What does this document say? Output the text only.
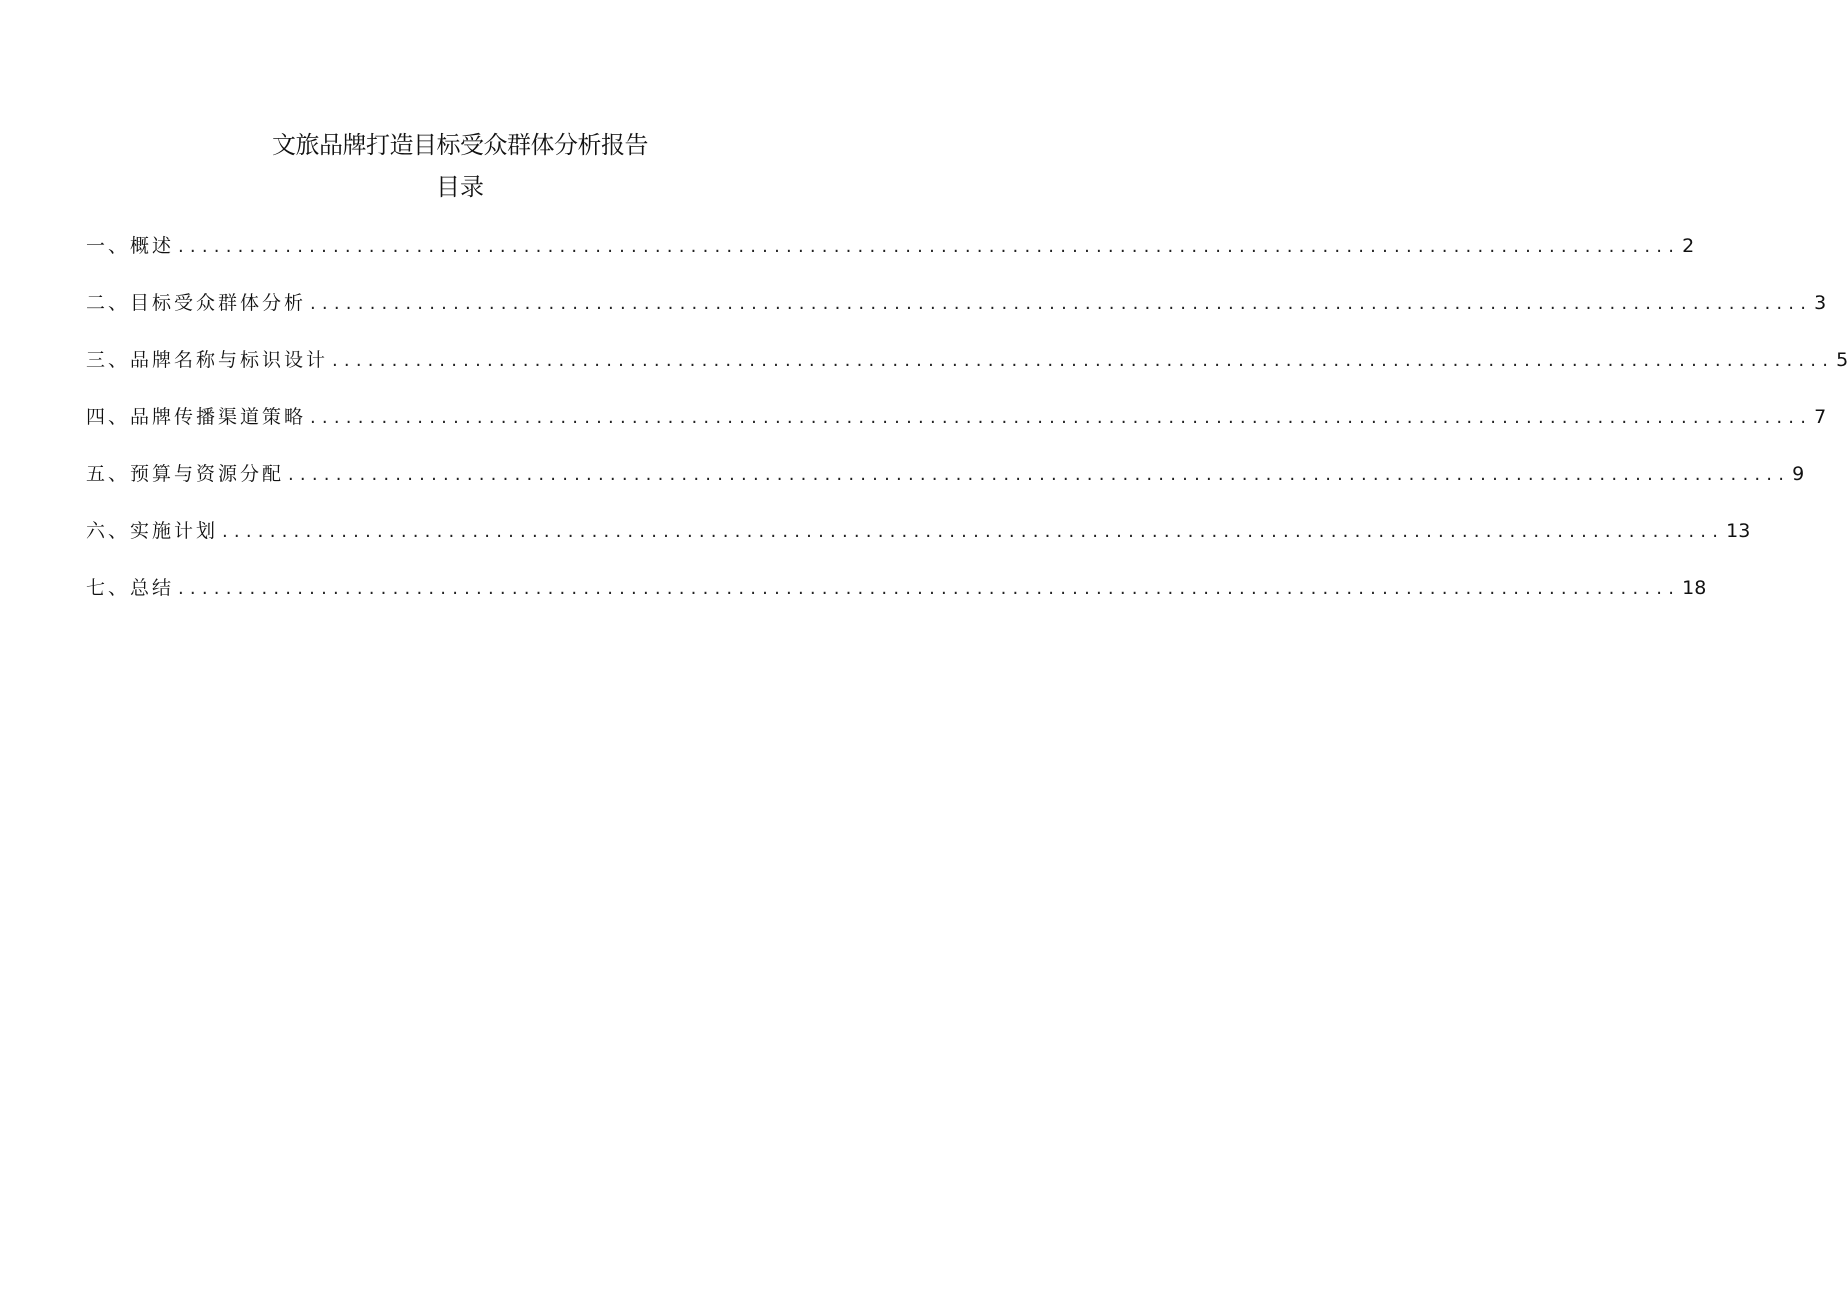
文旅品牌打造目标受众群体分析报告
目录
一、概述 .............................................................................................................................. 2
二、目标受众群体分析 .............................................................................................................................. 3
三、品牌名称与标识设计 .............................................................................................................................. 5
四、品牌传播渠道策略 .............................................................................................................................. 7
五、预算与资源分配 .............................................................................................................................. 9
六、实施计划 .............................................................................................................................. 13
七、总结 .............................................................................................................................. 18
